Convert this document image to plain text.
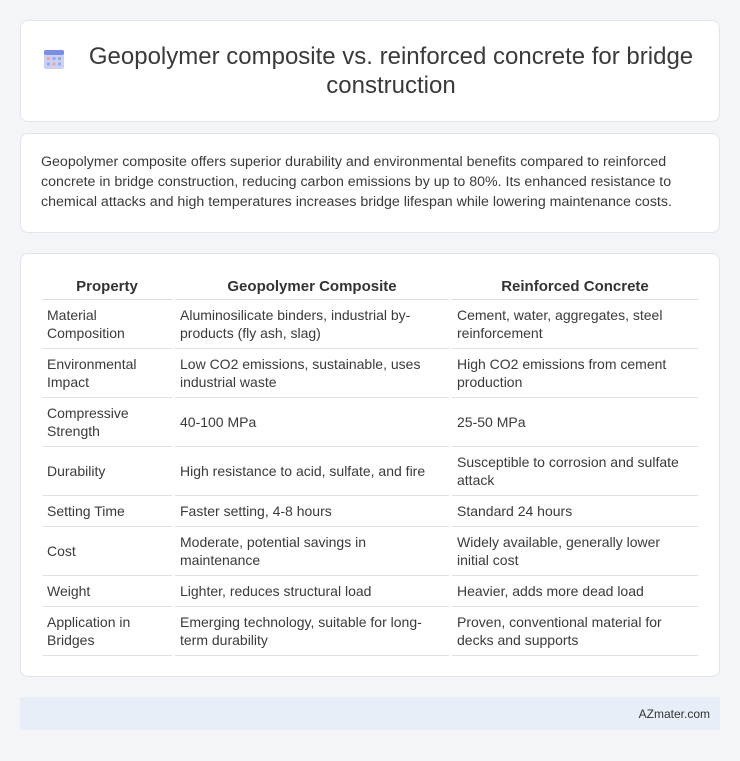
Geopolymer composite vs. reinforced concrete for bridge construction

Geopolymer composite offers superior durability and environmental benefits compared to reinforced concrete in bridge construction, reducing carbon emissions by up to 80%. Its enhanced resistance to chemical attacks and high temperatures increases bridge lifespan while lowering maintenance costs.

Property	Geopolymer Composite	Reinforced Concrete
Material Composition	Aluminosilicate binders, industrial by-products (fly ash, slag)	Cement, water, aggregates, steel reinforcement
Environmental Impact	Low CO2 emissions, sustainable, uses industrial waste	High CO2 emissions from cement production
Compressive Strength	40-100 MPa	25-50 MPa
Durability	High resistance to acid, sulfate, and fire	Susceptible to corrosion and sulfate attack
Setting Time	Faster setting, 4-8 hours	Standard 24 hours
Cost	Moderate, potential savings in maintenance	Widely available, generally lower initial cost
Weight	Lighter, reduces structural load	Heavier, adds more dead load
Application in Bridges	Emerging technology, suitable for long-term durability	Proven, conventional material for decks and supports
AZmater.com
